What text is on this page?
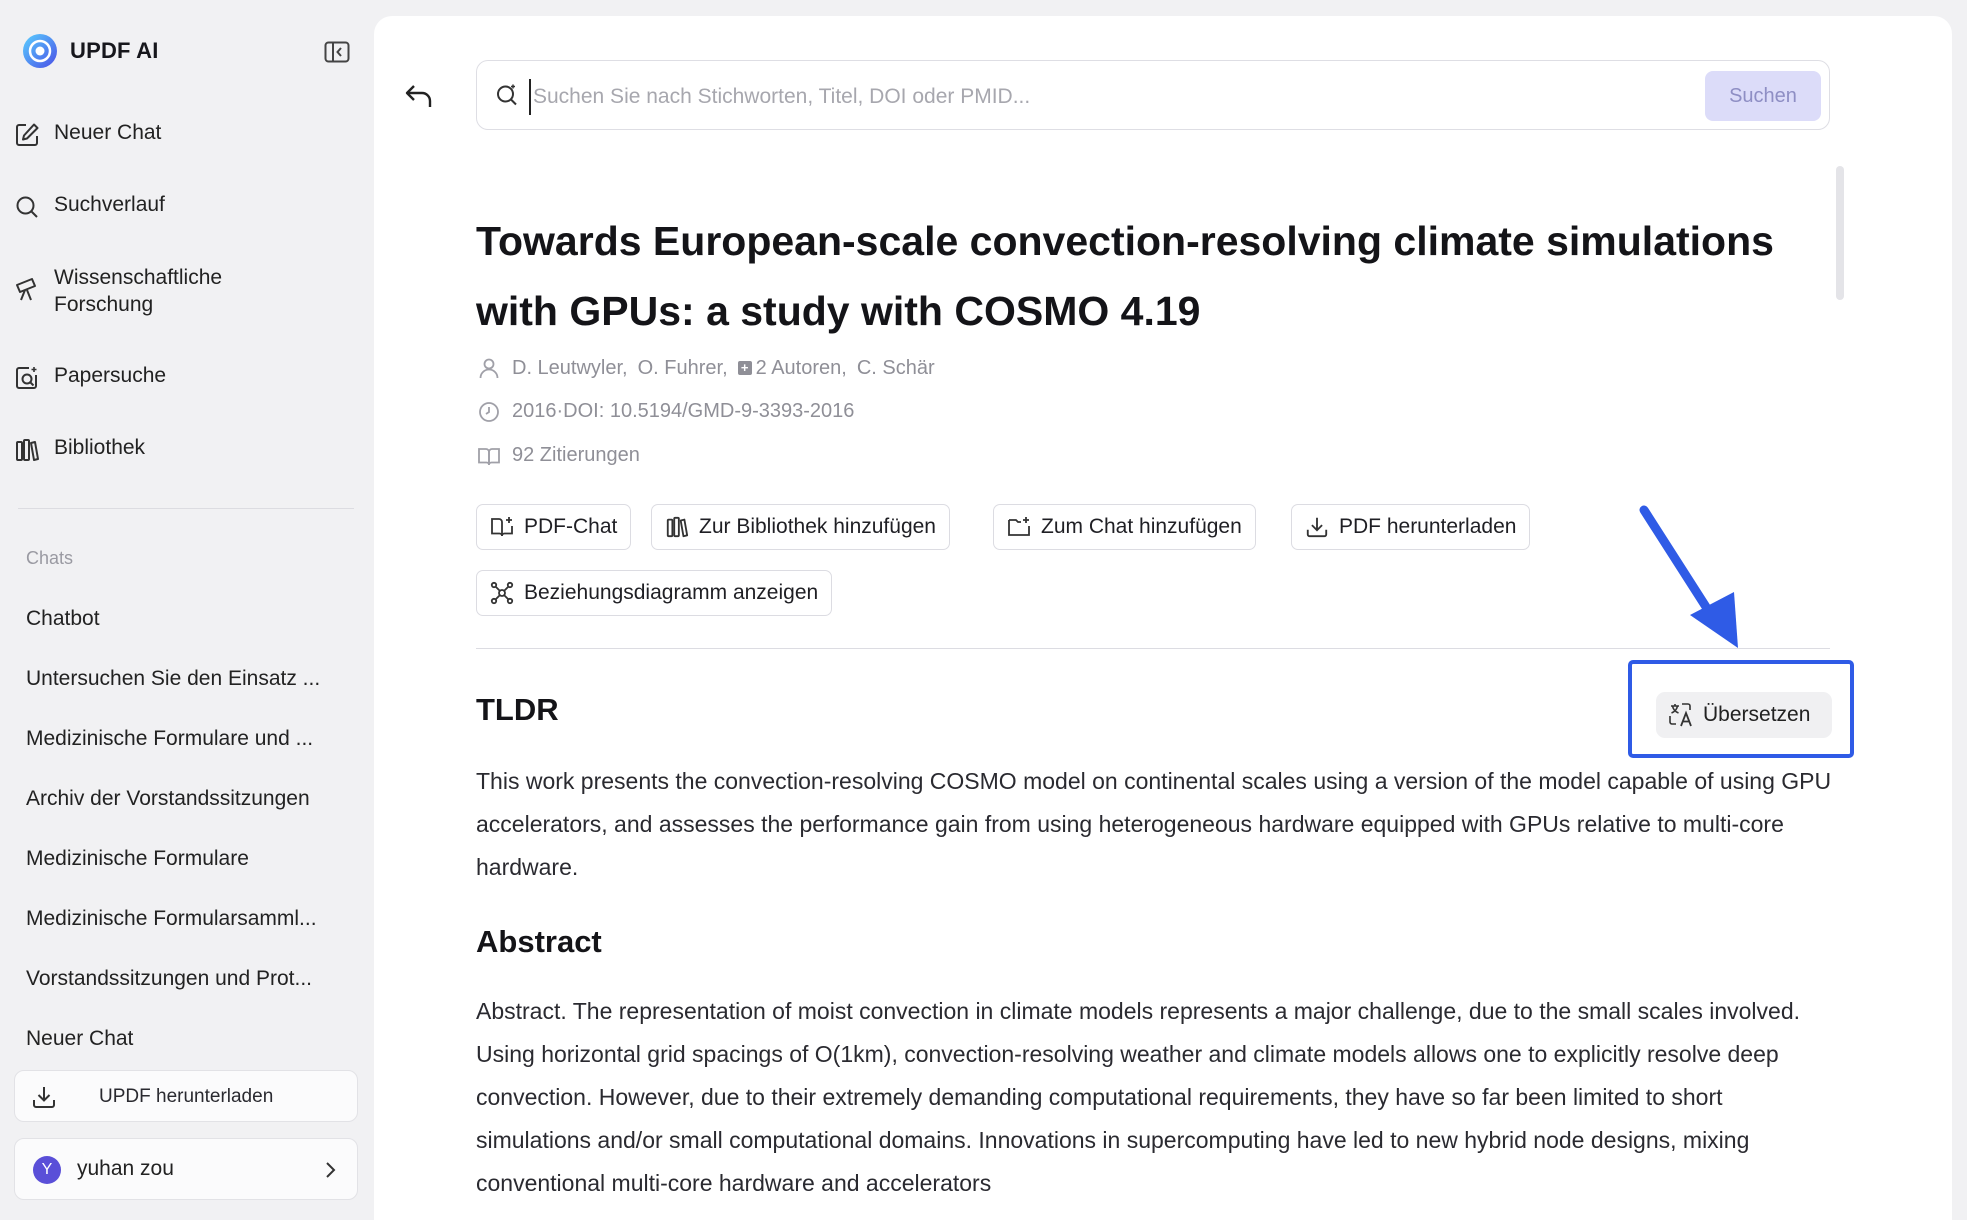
UPDF AI
Neuer Chat
Suchverlauf
Wissenschaftliche
Forschung
Papersuche
Bibliothek
Chats
Chatbot
Untersuchen Sie den Einsatz ...
Medizinische Formulare und ...
Archiv der Vorstandssitzungen
Medizinische Formulare
Medizinische Formularsamml...
Vorstandssitzungen und Prot...
Neuer Chat
UPDF herunterladen
Y	yuhan zou
Suchen Sie nach Stichworten, Titel, DOI oder PMID...
Suchen
Towards European-scale convection-resolving climate simulations with GPUs: a study with COSMO 4.19
D. Leutwyler, O. Fuhrer, + 2 Autoren, C. Schär
2016·DOI: 10.5194/GMD-9-3393-2016
92 Zitierungen
PDF-Chat	Zur Bibliothek hinzufügen	Zum Chat hinzufügen	PDF herunterladen
Beziehungsdiagramm anzeigen
TLDR	Übersetzen
This work presents the convection-resolving COSMO model on continental scales using a version of the model capable of using GPU accelerators, and assesses the performance gain from using heterogeneous hardware equipped with GPUs relative to multi-core hardware.
Abstract
Abstract. The representation of moist convection in climate models represents a major challenge, due to the small scales involved. Using horizontal grid spacings of O(1km), convection-resolving weather and climate models allows one to explicitly resolve deep convection. However, due to their extremely demanding computational requirements, they have so far been limited to short simulations and/or small computational domains. Innovations in supercomputing have led to new hybrid node designs, mixing conventional multi-core hardware and accelerators
